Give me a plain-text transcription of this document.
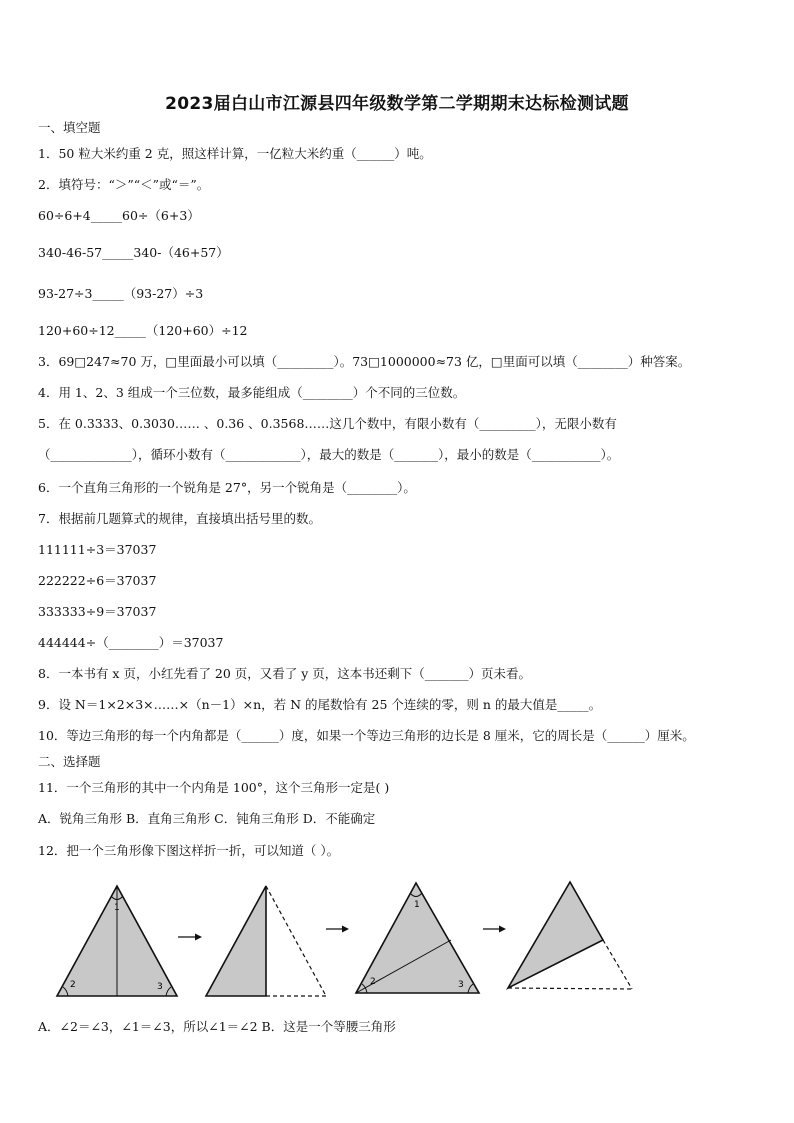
2023届白山市江源县四年级数学第二学期期末达标检测试题
一、填空题
1．50 粒大米约重 2 克，照这样计算，一亿粒大米约重（______）吨。
2．填符号：“＞”“＜”或“＝”。
60÷6+4_____60÷（6+3）
340-46-57_____340-（46+57）
93-27÷3_____（93-27）÷3
120+60÷12_____（120+60）÷12
3．69□247≈70 万，□里面最小可以填（_________）。73□1000000≈73 亿，□里面可以填（________）种答案。
4．用 1、2、3 组成一个三位数，最多能组成（________）个不同的三位数。
5．在 0.3333、0.3030…… 、0.36 、0.3568……这几个数中，有限小数有（_________），无限小数有
（_____________），循环小数有（____________），最大的数是（_______），最小的数是（___________）。
6．一个直角三角形的一个锐角是 27°，另一个锐角是（________）。
7．根据前几题算式的规律，直接填出括号里的数。
111111÷3＝37037
222222÷6＝37037
333333÷9＝37037
444444÷（________）＝37037
8．一本书有 x 页，小红先看了 20 页，又看了 y 页，这本书还剩下（_______）页未看。
9．设 N＝1×2×3×……×（n－1）×n，若 N 的尾数恰有 25 个连续的零，则 n 的最大值是_____。
10．等边三角形的每一个内角都是（______）度，如果一个等边三角形的边长是 8 厘米，它的周长是（______）厘米。
二、选择题
11．一个三角形的其中一个内角是 100°，这个三角形一定是( )
A．锐角三角形 B．直角三角形 C．钝角三角形 D．不能确定
12．把一个三角形像下图这样折一折，可以知道（ ）。
1
2	3
1
2	3
A．∠2＝∠3，∠1＝∠3，所以∠1＝∠2 B．这是一个等腰三角形
